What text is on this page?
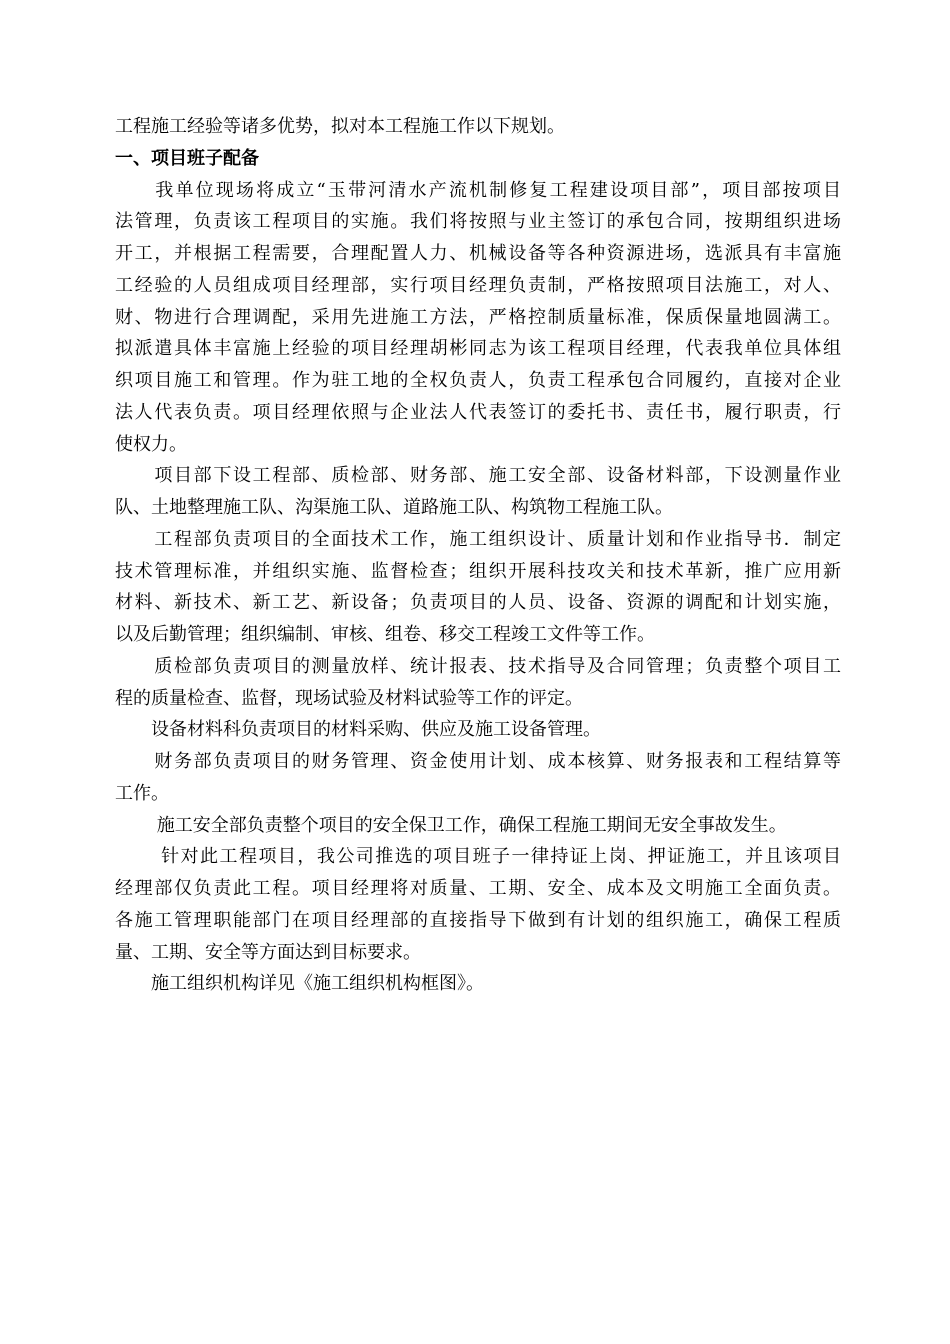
工程施工经验等诸多优势，拟对本工程施工作以下规划。
一、项目班子配备
　　我单位现场将成立“玉带河清水产流机制修复工程建设项目部”，项目部按项目
法管理，负责该工程项目的实施。我们将按照与业主签订的承包合同，按期组织进场
开工，并根据工程需要，合理配置人力、机械设备等各种资源进场，选派具有丰富施
工经验的人员组成项目经理部，实行项目经理负责制，严格按照项目法施工，对人、
财、物进行合理调配，采用先进施工方法，严格控制质量标准，保质保量地圆满工。
拟派遣具体丰富施上经验的项目经理胡彬同志为该工程项目经理，代表我单位具体组
织项目施工和管理。作为驻工地的全权负责人，负责工程承包合同履约，直接对企业
法人代表负责。项目经理依照与企业法人代表签订的委托书、责任书，履行职责，行
使权力。
　　项目部下设工程部、质检部、财务部、施工安全部、设备材料部，下设测量作业
队、土地整理施工队、沟渠施工队、道路施工队、构筑物工程施工队。
　　工程部负责项目的全面技术工作，施工组织设计、质量计划和作业指导书．制定
技术管理标准，并组织实施、监督检查；组织开展科技攻关和技术革新，推广应用新
材料、新技术、新工艺、新设备；负责项目的人员、设备、资源的调配和计划实施，
以及后勤管理；组织编制、审核、组卷、移交工程竣工文件等工作。
　　质检部负责项目的测量放样、统计报表、技术指导及合同管理；负责整个项目工
程的质量检查、监督，现场试验及材料试验等工作的评定。
　　设备材料科负责项目的材料采购、供应及施工设备管理。
　　财务部负责项目的财务管理、资金使用计划、成本核算、财务报表和工程结算等
工作。
　　 施工安全部负责整个项目的安全保卫工作，确保工程施工期间无安全事故发生。
　　 针对此工程项目，我公司推选的项目班子一律持证上岗、押证施工，并且该项目
经理部仅负责此工程。项目经理将对质量、工期、安全、成本及文明施工全面负责。
各施工管理职能部门在项目经理部的直接指导下做到有计划的组织施工，确保工程质
量、工期、安全等方面达到目标要求。
　　施工组织机构详见《施工组织机构框图》。
